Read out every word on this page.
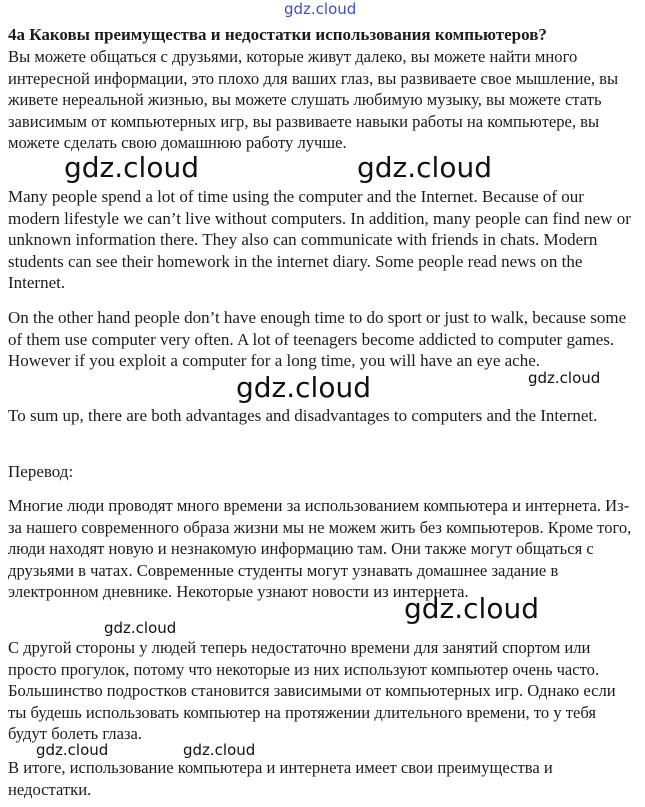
gdz.cloud
4a Каковы преимущества и недостатки использования компьютеров?

Вы можете общаться с друзьями, которые живут далеко, вы можете найти много интересной информации, это плохо для ваших глаз, вы развиваете свое мышление, вы живете нереальной жизнью, вы можете слушать любимую музыку, вы можете стать зависимым от компьютерных игр, вы развиваете навыки работы на компьютере, вы можете сделать свою домашнюю работу лучше.

Many people spend a lot of time using the computer and the Internet. Because of our modern lifestyle we can’t live without computers. In addition, many people can find new or unknown information there. They also can communicate with friends in chats. Modern students can see their homework in the internet diary. Some people read news on the Internet.

On the other hand people don’t have enough time to do sport or just to walk, because some of them use computer very often. A lot of teenagers become addicted to computer games. However if you exploit a computer for a long time, you will have an eye ache.

To sum up, there are both advantages and disadvantages to computers and the Internet.

Перевод:

Многие люди проводят много времени за использованием компьютера и интернета. Из-за нашего современного образа жизни мы не можем жить без компьютеров. Кроме того, люди находят новую и незнакомую информацию там. Они также могут общаться с друзьями в чатах. Современные студенты могут узнавать домашнее задание в электронном дневнике. Некоторые узнают новости из интернета.

С другой стороны у людей теперь недостаточно времени для занятий спортом или просто прогулок, потому что некоторые из них используют компьютер очень часто. Большинство подростков становится зависимыми от компьютерных игр. Однако если ты будешь использовать компьютер на протяжении длительного времени, то у тебя будут болеть глаза.

В итоге, использование компьютера и интернета имеет свои преимущества и недостатки.

gdz.cloud	gdz.cloud
gdz.cloud	gdz.cloud
gdz.cloud
gdz.cloud
gdz.cloud	gdz.cloud
